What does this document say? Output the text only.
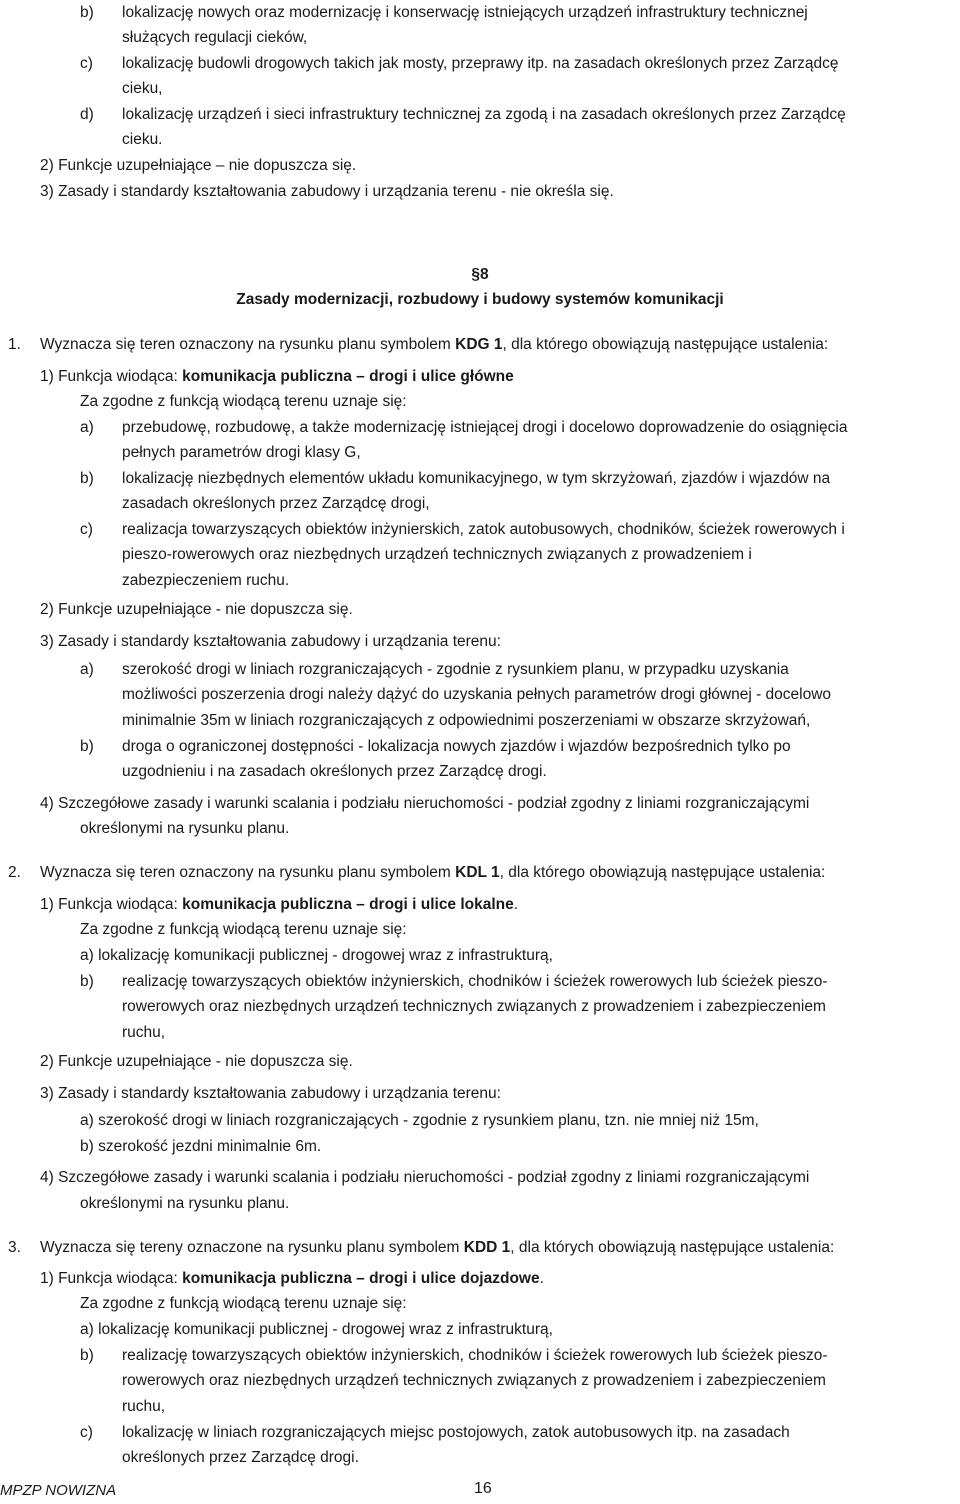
b) lokalizację nowych oraz modernizację i konserwację istniejących urządzeń infrastruktury technicznej
służących regulacji cieków,
c) lokalizację budowli drogowych takich jak mosty, przeprawy itp. na zasadach określonych przez Zarządcę
cieku,
d) lokalizację urządzeń i sieci infrastruktury technicznej za zgodą i na zasadach określonych przez Zarządcę
cieku.
2) Funkcje uzupełniające – nie dopuszcza się.
3) Zasady i standardy kształtowania zabudowy i urządzania terenu - nie określa się.
§8
Zasady modernizacji, rozbudowy i budowy systemów komunikacji
1. Wyznacza się teren oznaczony na rysunku planu symbolem KDG 1, dla którego obowiązują następujące ustalenia:
1) Funkcja wiodąca: komunikacja publiczna – drogi i ulice główne
Za zgodne z funkcją wiodącą terenu uznaje się:
a) przebudowę, rozbudowę, a także modernizację istniejącej drogi i docelowo doprowadzenie do osiągnięcia
pełnych parametrów drogi klasy G,
b) lokalizację niezbędnych elementów układu komunikacyjnego, w tym skrzyżowań, zjazdów i wjazdów na
zasadach określonych przez Zarządcę drogi,
c) realizacja towarzyszących obiektów inżynierskich, zatok autobusowych, chodników, ścieżek rowerowych i
pieszo-rowerowych oraz niezbędnych urządzeń technicznych związanych z prowadzeniem i
zabezpieczeniem ruchu.
2) Funkcje uzupełniające - nie dopuszcza się.
3) Zasady i standardy kształtowania zabudowy i urządzania terenu:
a) szerokość drogi w liniach rozgraniczających - zgodnie z rysunkiem planu, w przypadku uzyskania
możliwości poszerzenia drogi należy dążyć do uzyskania pełnych parametrów drogi głównej - docelowo
minimalnie 35m w liniach rozgraniczających z odpowiednimi poszerzeniami w obszarze skrzyżowań,
b) droga o ograniczonej dostępności - lokalizacja nowych zjazdów i wjazdów bezpośrednich tylko po
uzgodnieniu i na zasadach określonych przez Zarządcę drogi.
4) Szczegółowe zasady i warunki scalania i podziału nieruchomości - podział zgodny z liniami rozgraniczającymi
określonymi na rysunku planu.
2. Wyznacza się teren oznaczony na rysunku planu symbolem KDL 1, dla którego obowiązują następujące ustalenia:
1) Funkcja wiodąca: komunikacja publiczna – drogi i ulice lokalne.
Za zgodne z funkcją wiodącą terenu uznaje się:
a) lokalizację komunikacji publicznej - drogowej wraz z infrastrukturą,
b) realizację towarzyszących obiektów inżynierskich, chodników i ścieżek rowerowych lub ścieżek pieszo-
rowerowych oraz niezbędnych urządzeń technicznych związanych z prowadzeniem i zabezpieczeniem
ruchu,
2) Funkcje uzupełniające - nie dopuszcza się.
3) Zasady i standardy kształtowania zabudowy i urządzania terenu:
a) szerokość drogi w liniach rozgraniczających - zgodnie z rysunkiem planu, tzn. nie mniej niż 15m,
b) szerokość jezdni minimalnie 6m.
4) Szczegółowe zasady i warunki scalania i podziału nieruchomości - podział zgodny z liniami rozgraniczającymi
określonymi na rysunku planu.
3. Wyznacza się tereny oznaczone na rysunku planu symbolem KDD 1, dla których obowiązują następujące ustalenia:
1) Funkcja wiodąca: komunikacja publiczna – drogi i ulice dojazdowe.
Za zgodne z funkcją wiodącą terenu uznaje się:
a) lokalizację komunikacji publicznej - drogowej wraz z infrastrukturą,
b) realizację towarzyszących obiektów inżynierskich, chodników i ścieżek rowerowych lub ścieżek pieszo-
rowerowych oraz niezbędnych urządzeń technicznych związanych z prowadzeniem i zabezpieczeniem
ruchu,
c) lokalizację w liniach rozgraniczających miejsc postojowych, zatok autobusowych itp. na zasadach
określonych przez Zarządcę drogi.
MPZP NOWIZNA	16
